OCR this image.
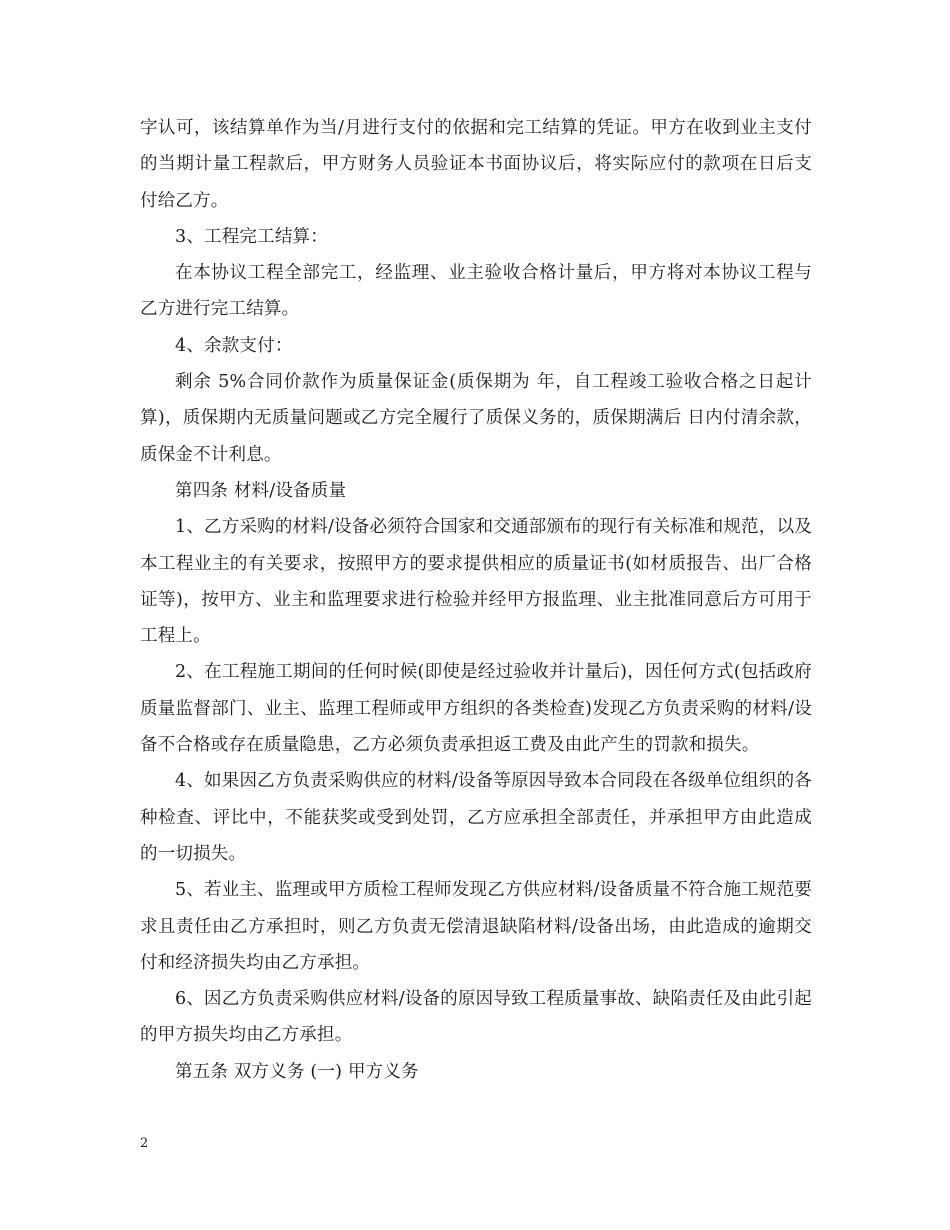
字认可，该结算单作为当/月进行支付的依据和完工结算的凭证。甲方在收到业主支付的当期计量工程款后，甲方财务人员验证本书面协议后，将实际应付的款项在日后支付给乙方。

3、工程完工结算：

在本协议工程全部完工，经监理、业主验收合格计量后，甲方将对本协议工程与乙方进行完工结算。

4、余款支付：

剩余 5%合同价款作为质量保证金(质保期为 年，自工程竣工验收合格之日起计算)，质保期内无质量问题或乙方完全履行了质保义务的，质保期满后 日内付清余款，质保金不计利息。

第四条 材料/设备质量

1、乙方采购的材料/设备必须符合国家和交通部颁布的现行有关标准和规范，以及本工程业主的有关要求，按照甲方的要求提供相应的质量证书(如材质报告、出厂合格证等)，按甲方、业主和监理要求进行检验并经甲方报监理、业主批准同意后方可用于工程上。

2、在工程施工期间的任何时候(即使是经过验收并计量后)，因任何方式(包括政府质量监督部门、业主、监理工程师或甲方组织的各类检查)发现乙方负责采购的材料/设备不合格或存在质量隐患，乙方必须负责承担返工费及由此产生的罚款和损失。

4、如果因乙方负责采购供应的材料/设备等原因导致本合同段在各级单位组织的各种检查、评比中，不能获奖或受到处罚，乙方应承担全部责任，并承担甲方由此造成的一切损失。

5、若业主、监理或甲方质检工程师发现乙方供应材料/设备质量不符合施工规范要求且责任由乙方承担时，则乙方负责无偿清退缺陷材料/设备出场，由此造成的逾期交付和经济损失均由乙方承担。

6、因乙方负责采购供应材料/设备的原因导致工程质量事故、缺陷责任及由此引起的甲方损失均由乙方承担。

第五条 双方义务 (一) 甲方义务

2
